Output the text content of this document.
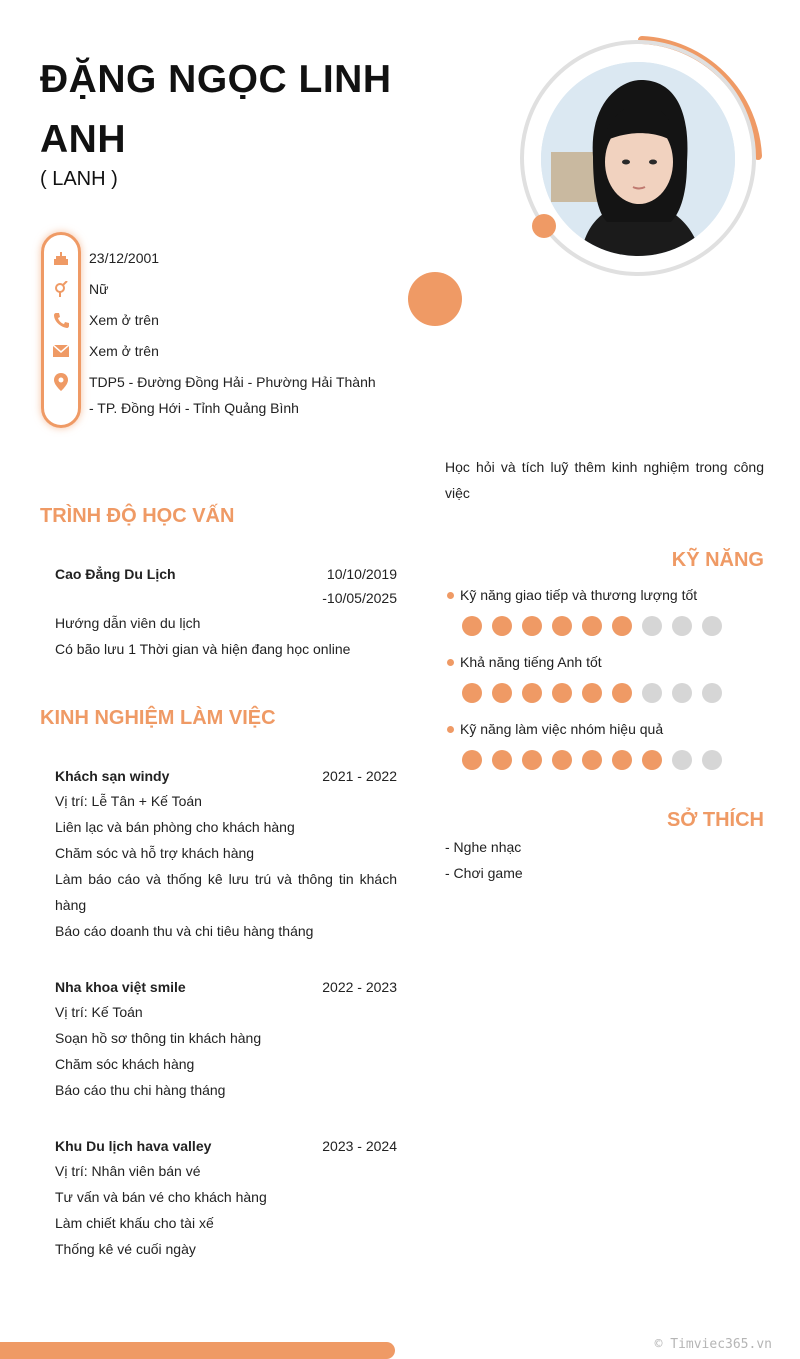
ĐẶNG NGỌC LINH ANH
( LANH )
23/12/2001
Nữ
Xem ở trên
Xem ở trên
TDP5 - Đường Đồng Hải - Phường Hải Thành
- TP. Đồng Hới - Tỉnh Quảng Bình
Học hỏi và tích luỹ thêm kinh nghiệm trong công
việc
TRÌNH ĐỘ HỌC VẤN
Cao Đẳng Du Lịch	10/10/2019
-10/05/2025
Hướng dẫn viên du lịch
Có bão lưu 1 Thời gian và hiện đang học online
KINH NGHIỆM LÀM VIỆC
Khách sạn windy	2021 - 2022
Vị trí: Lễ Tân + Kế Toán
Liên lạc và bán phòng cho khách hàng
Chăm sóc và hỗ trợ khách hàng
Làm báo cáo và thống kê lưu trú và thông tin khách
hàng
Báo cáo doanh thu và chi tiêu hàng tháng
Nha khoa việt smile	2022 - 2023
Vị trí: Kế Toán
Soạn hồ sơ thông tin khách hàng
Chăm sóc khách hàng
Báo cáo thu chi hàng tháng
Khu Du lịch hava valley	2023 - 2024
Vị trí: Nhân viên bán vé
Tư vấn và bán vé cho khách hàng
Làm chiết khấu cho tài xế
Thống kê vé cuối ngày
KỸ NĂNG
Kỹ năng giao tiếp và thương lượng tốt
Khả năng tiếng Anh tốt
Kỹ năng làm việc nhóm hiệu quả
SỞ THÍCH
- Nghe nhạc
- Chơi game
© Timviec365.vn
